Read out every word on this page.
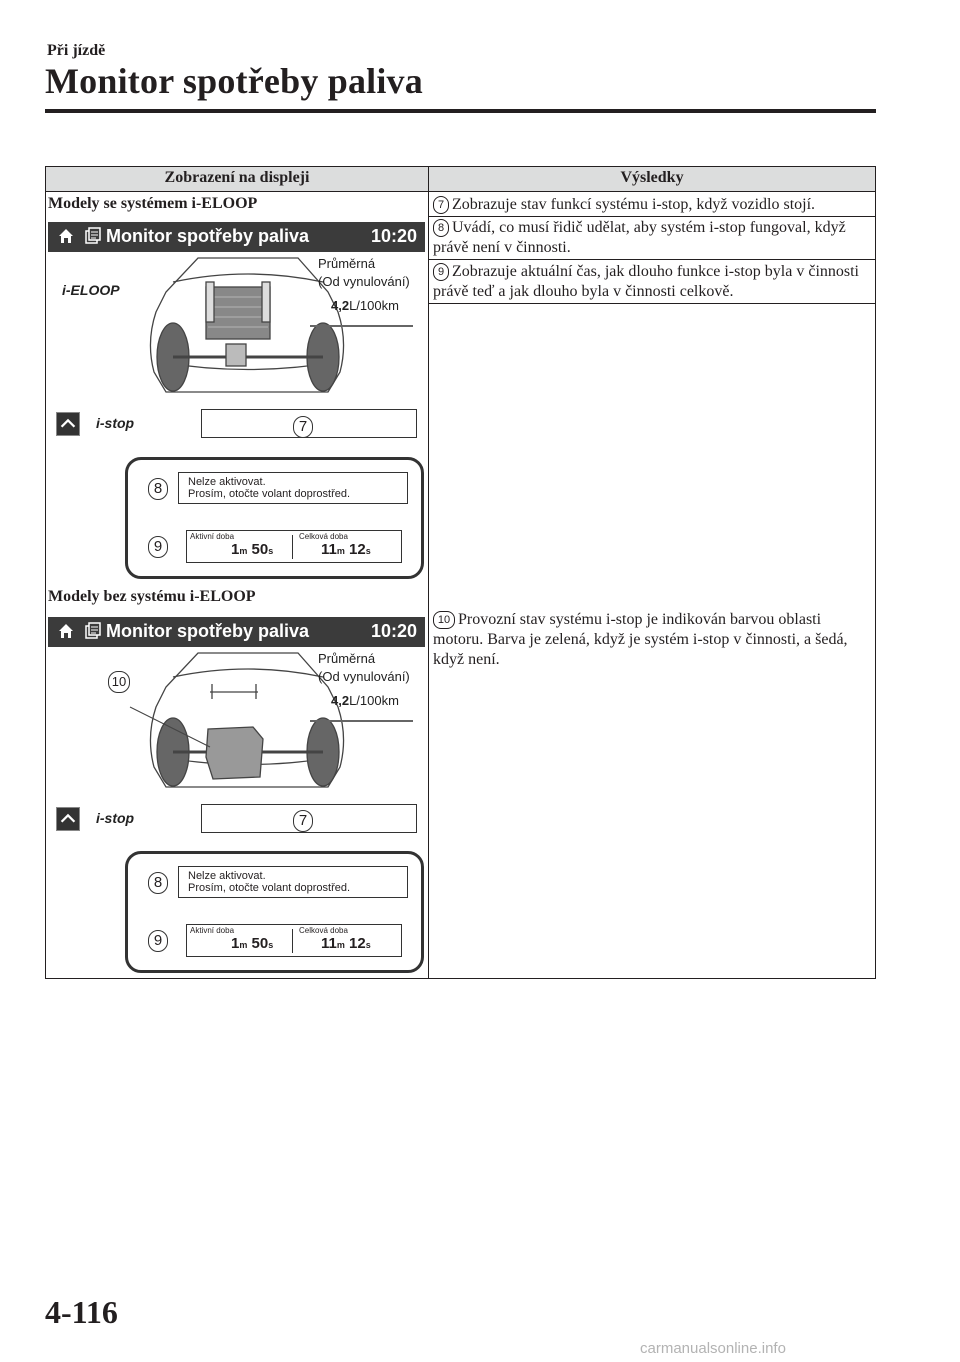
Při jízdě
Monitor spotřeby paliva
Zobrazení na displeji	Výsledky
7 Zobrazuje stav funkcí systému i-stop, když vozidlo stojí.
8 Uvádí, co musí řidič udělat, aby systém i-stop fungoval, když právě není v činnosti.
9 Zobrazuje aktuální čas, jak dlouho funkce i-stop byla v činnosti právě teď a jak dlouho byla v činnosti celkově.
10 Provozní stav systému i-stop je indikován barvou oblasti motoru. Barva je zelená, když je systém i-stop v činnosti, a šedá, když není.
Modely se systémem i-ELOOP
Monitor spotřeby paliva	10:20
Průměrná
(Od vynulování)
4,2L/100km
i-ELOOP
i-stop	7
8	Nelze aktivovat.
Prosím, otočte volant doprostřed.
9
Aktivní doba	Celková doba
1m 50s	11m 12s
Modely bez systému i-ELOOP
Monitor spotřeby paliva	10:20
Průměrná
(Od vynulování)
4,2L/100km
i-stop
10
7
8	Nelze aktivovat.
Prosím, otočte volant doprostřed.
9
Aktivní doba	Celková doba
1m 50s	11m 12s
4-116
carmanualsonline.info
